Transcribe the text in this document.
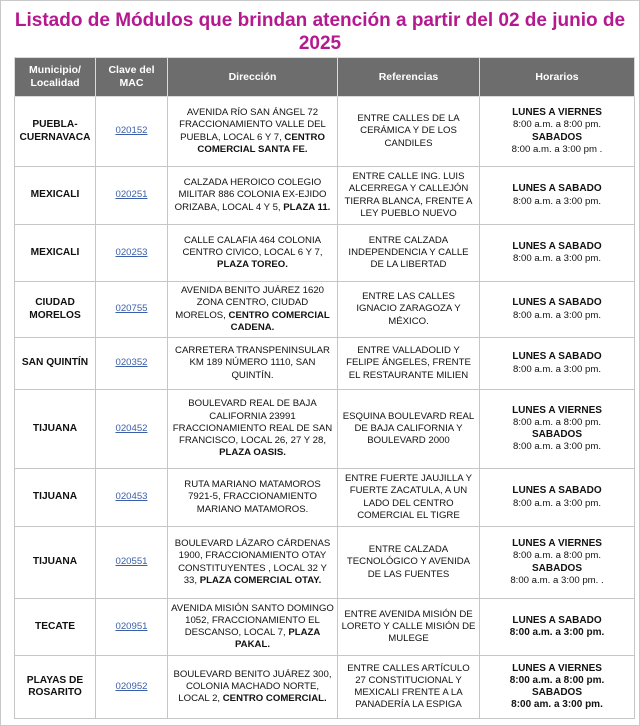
Listado de Módulos que brindan atención a partir del 02 de junio de 2025
Municipio/ Localidad	Clave del MAC	Dirección	Referencias	Horarios
PUEBLA-CUERNAVACA	020152	AVENIDA RÍO SAN ÁNGEL 72 FRACCIONAMIENTO VALLE DEL PUEBLA, LOCAL 6 Y 7, CENTRO COMERCIAL SANTA FE.	ENTRE CALLES DE LA CERÁMICA Y DE LOS CANDILES	LUNES A VIERNES
8:00 a.m. a 8:00 pm.
SABADOS
8:00 a.m. a 3:00 pm .

MEXICALI	020251	CALZADA HEROICO COLEGIO MILITAR 886 COLONIA EX-EJIDO ORIZABA, LOCAL 4 Y 5, PLAZA 11.	ENTRE CALLE ING. LUIS ALCERREGA Y CALLEJÓN TIERRA BLANCA, FRENTE A LEY PUEBLO NUEVO	LUNES A SABADO
8:00 a.m. a 3:00 pm.

MEXICALI	020253	CALLE CALAFIA 464 COLONIA CENTRO CIVICO, LOCAL 6 Y 7, PLAZA TOREO.	ENTRE CALZADA INDEPENDENCIA Y CALLE DE LA LIBERTAD	LUNES A SABADO
8:00 a.m. a 3:00 pm.

CIUDAD MORELOS	020755	AVENIDA BENITO JUÁREZ 1620 ZONA CENTRO, CIUDAD MORELOS, CENTRO COMERCIAL CADENA.	ENTRE LAS CALLES IGNACIO ZARAGOZA Y MÉXICO.	LUNES A SABADO
8:00 a.m. a 3:00 pm.

SAN QUINTÍN	020352	CARRETERA TRANSPENINSULAR KM 189 NÚMERO 1110, SAN QUINTÍN.	ENTRE VALLADOLID Y FELIPE ÁNGELES, FRENTE EL RESTAURANTE MILIEN	LUNES A SABADO
8:00 a.m. a 3:00 pm.

TIJUANA	020452	BOULEVARD REAL DE BAJA CALIFORNIA 23991 FRACCIONAMIENTO REAL DE SAN FRANCISCO, LOCAL 26, 27 Y 28, PLAZA OASIS.	ESQUINA BOULEVARD REAL DE BAJA CALIFORNIA Y BOULEVARD 2000	LUNES A VIERNES
8:00 a.m. a 8:00 pm.
SABADOS
8:00 a.m. a 3:00 pm.

TIJUANA	020453	RUTA MARIANO MATAMOROS 7921-5, FRACCIONAMIENTO MARIANO MATAMOROS.	ENTRE FUERTE JAUJILLA Y FUERTE ZACATULA, A UN LADO DEL CENTRO COMERCIAL EL TIGRE	LUNES A SABADO
8:00 a.m. a 3:00 pm.

TIJUANA	020551	BOULEVARD LÁZARO CÁRDENAS 1900, FRACCIONAMIENTO OTAY CONSTITUYENTES , LOCAL 32 Y 33, PLAZA COMERCIAL OTAY.	ENTRE CALZADA TECNOLÓGICO Y AVENIDA DE LAS FUENTES	LUNES A VIERNES
8:00 a.m. a 8:00 pm.
SABADOS
8:00 a.m. a 3:00 pm. .

TECATE	020951	AVENIDA MISIÓN SANTO DOMINGO 1052, FRACCIONAMIENTO EL DESCANSO, LOCAL 7, PLAZA PAKAL.	ENTRE AVENIDA MISIÓN DE LORETO Y CALLE MISIÓN DE MULEGE	LUNES A SABADO
8:00 a.m. a 3:00 pm.

PLAYAS DE ROSARITO	020952	BOULEVARD BENITO JUÁREZ 300, COLONIA MACHADO NORTE, LOCAL 2, CENTRO COMERCIAL.	ENTRE CALLES ARTÍCULO 27 CONSTITUCIONAL Y MEXICALI FRENTE A LA PANADERÍA LA ESPIGA	LUNES A VIERNES
8:00 a.m. a 8:00 pm.
SABADOS
8:00 am. a 3:00 pm.
